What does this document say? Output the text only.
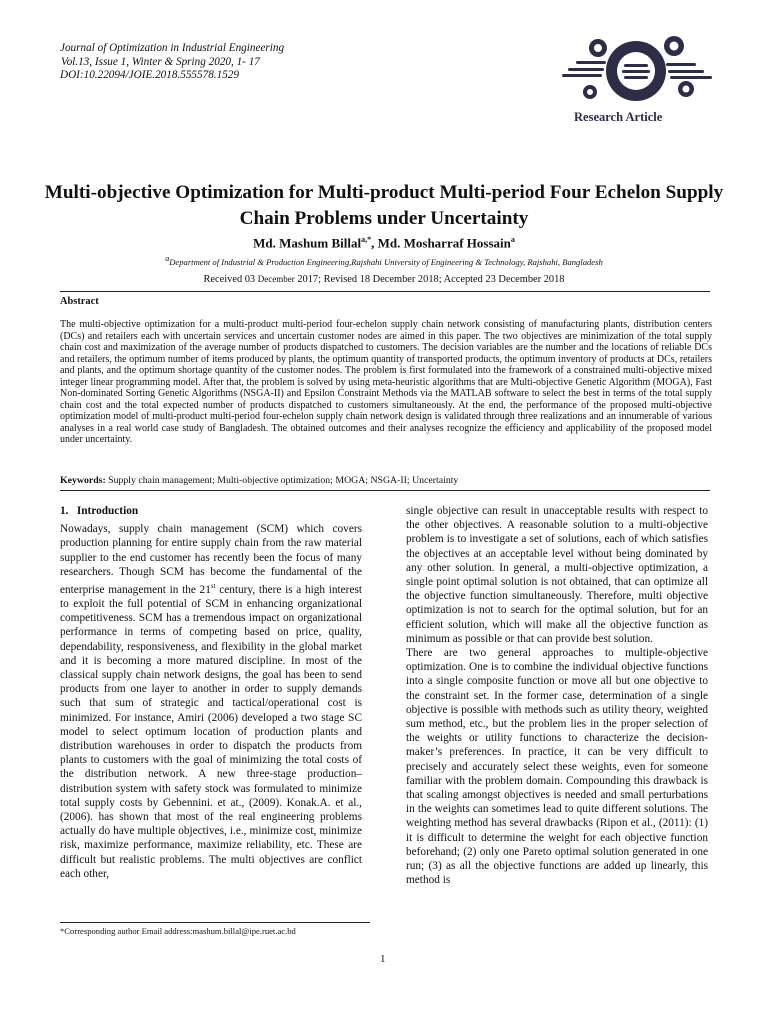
Journal of Optimization in Industrial Engineering
Vol.13, Issue 1, Winter & Spring 2020, 1- 17
DOI:10.22094/JOIE.2018.555578.1529
Research Article
Multi-objective Optimization for Multi-product Multi-period Four Echelon Supply Chain Problems under Uncertainty
Md. Mashum Billal$^{a,*}$, Md. Mosharraf Hossain$^a$
$^a$Department of Industrial & Production Engineering,Rajshahi University of Engineering & Technology, Rajshahi, Bangladesh
Received 03 December 2017; Revised 18 December 2018; Accepted 23 December 2018
Abstract
The multi-objective optimization for a multi-product multi-period four-echelon supply chain network consisting of manufacturing plants, distribution centers (DCs) and retailers each with uncertain services and uncertain customer nodes are aimed in this paper. The two objectives are minimization of the total supply chain cost and maximization of the average number of products dispatched to customers. The decision variables are the number and the locations of reliable DCs and retailers, the optimum number of items produced by plants, the optimum quantity of transported products, the optimum inventory of products at DCs, retailers and plants, and the optimum shortage quantity of the customer nodes. The problem is first formulated into the framework of a constrained multi-objective mixed integer linear programming model. After that, the problem is solved by using meta-heuristic algorithms that are Multi-objective Genetic Algorithm (MOGA), Fast Non-dominated Sorting Genetic Algorithms (NSGA-II) and Epsilon Constraint Methods via the MATLAB software to select the best in terms of the total supply chain cost and the total expected number of products dispatched to customers simultaneously. At the end, the performance of the proposed multi-objective optimization model of multi-product multi-period four-echelon supply chain network design is validated through three realizations and an innumerable of various analyses in a real world case study of Bangladesh. The obtained outcomes and their analyses recognize the efficiency and applicability of the proposed model under uncertainty.
Keywords: Supply chain management; Multi-objective optimization; MOGA; NSGA-II; Uncertainty
1. Introduction

Nowadays, supply chain management (SCM) which covers production planning for entire supply chain from the raw material supplier to the end customer has recently been the focus of many researchers. Though SCM has become the fundamental of the enterprise management in the 21st century, there is a high interest to exploit the full potential of SCM in enhancing organizational competitiveness. SCM has a tremendous impact on organizational performance in terms of competing based on price, quality, dependability, responsiveness, and flexibility in the global market and it is becoming a more matured discipline. In most of the classical supply chain network designs, the goal has been to send products from one layer to another in order to supply demands such that sum of strategic and tactical/operational cost is minimized. For instance, Amiri (2006) developed a two stage SC model to select optimum location of production plants and distribution warehouses in order to dispatch the products from plants to customers with the goal of minimizing the total costs of the distribution network. A new three-stage production–distribution system with safety stock was formulated to minimize total supply costs by Gebennini. et at., (2009). Konak.A. et al., (2006). has shown that most of the real engineering problems actually do have multiple objectives, i.e., minimize cost, minimize risk, maximize performance, maximize reliability, etc. These are difficult but realistic problems. The multi objectives are conflict each other,

single objective can result in unacceptable results with respect to the other objectives. A reasonable solution to a multi-objective problem is to investigate a set of solutions, each of which satisfies the objectives at an acceptable level without being dominated by any other solution. In general, a multi-objective optimization, a single point optimal solution is not obtained, that can optimize all the objective function simultaneously. Therefore, multi objective optimization is not to search for the optimal solution, but for an efficient solution, which will make all the objective function as minimum as possible or that can provide best solution.

There are two general approaches to multiple-objective optimization. One is to combine the individual objective functions into a single composite function or move all but one objective to the constraint set. In the former case, determination of a single objective is possible with methods such as utility theory, weighted sum method, etc., but the problem lies in the proper selection of the weights or utility functions to characterize the decision-maker’s preferences. In practice, it can be very difficult to precisely and accurately select these weights, even for someone familiar with the problem domain. Compounding this drawback is that scaling amongst objectives is needed and small perturbations in the weights can sometimes lead to quite different solutions. The weighting method has several drawbacks (Ripon et al., (2011): (1) it is difficult to determine the weight for each objective function beforehand; (2) only one Pareto optimal solution generated in one run; (3) as all the objective functions are added up linearly, this method is

*Corresponding author Email address:mashum.billal@ipe.ruet.ac.bd
1
